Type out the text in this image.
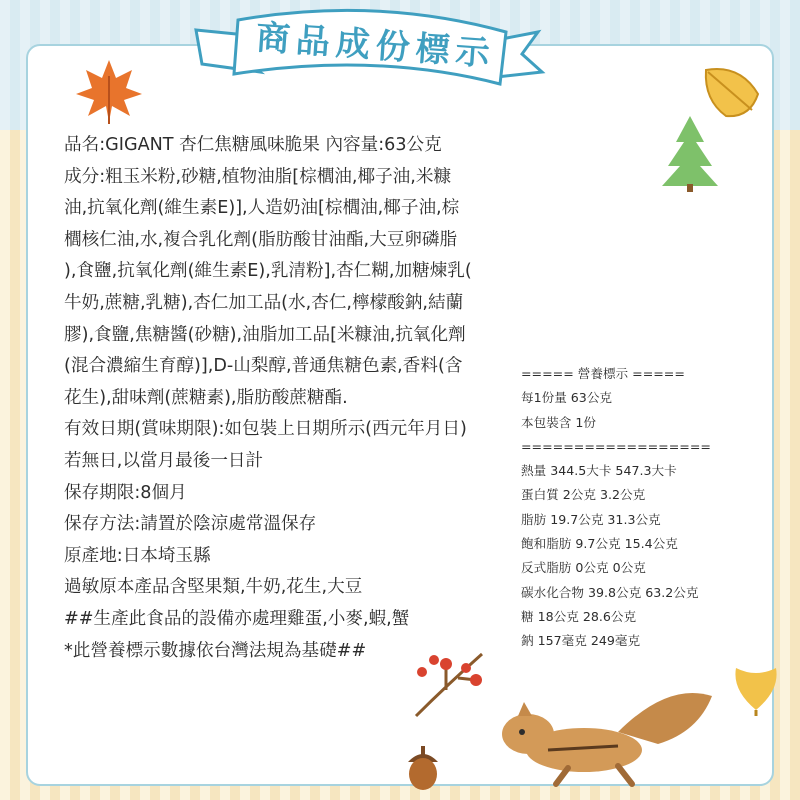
商品成份標示
品名:GIGANT 杏仁焦糖風味脆果 內容量:63公克
成分:粗玉米粉,砂糖,植物油脂[棕櫚油,椰子油,米糠
油,抗氧化劑(維生素E)],人造奶油[棕櫚油,椰子油,棕
櫚核仁油,水,複合乳化劑(脂肪酸甘油酯,大豆卵磷脂
),食鹽,抗氧化劑(維生素E),乳清粉],杏仁糊,加糖煉乳(
牛奶,蔗糖,乳糖),杏仁加工品(水,杏仁,檸檬酸鈉,結蘭
膠),食鹽,焦糖醬(砂糖),油脂加工品[米糠油,抗氧化劑
(混合濃縮生育醇)],D-山梨醇,普通焦糖色素,香料(含
花生),甜味劑(蔗糖素),脂肪酸蔗糖酯.
有效日期(賞味期限):如包裝上日期所示(西元年月日)
若無日,以當月最後一日計
保存期限:8個月
保存方法:請置於陰涼處常溫保存
原產地:日本埼玉縣
過敏原本產品含堅果類,牛奶,花生,大豆
##生產此食品的設備亦處理雞蛋,小麥,蝦,蟹
*此營養標示數據依台灣法規為基礎##
===== 營養標示 =====
每1份量 63公克
本包裝含 1份
==================
熱量 344.5大卡 547.3大卡
蛋白質 2公克 3.2公克
脂肪 19.7公克 31.3公克
飽和脂肪 9.7公克 15.4公克
反式脂肪 0公克 0公克
碳水化合物 39.8公克 63.2公克
糖 18公克 28.6公克
鈉 157毫克 249毫克
